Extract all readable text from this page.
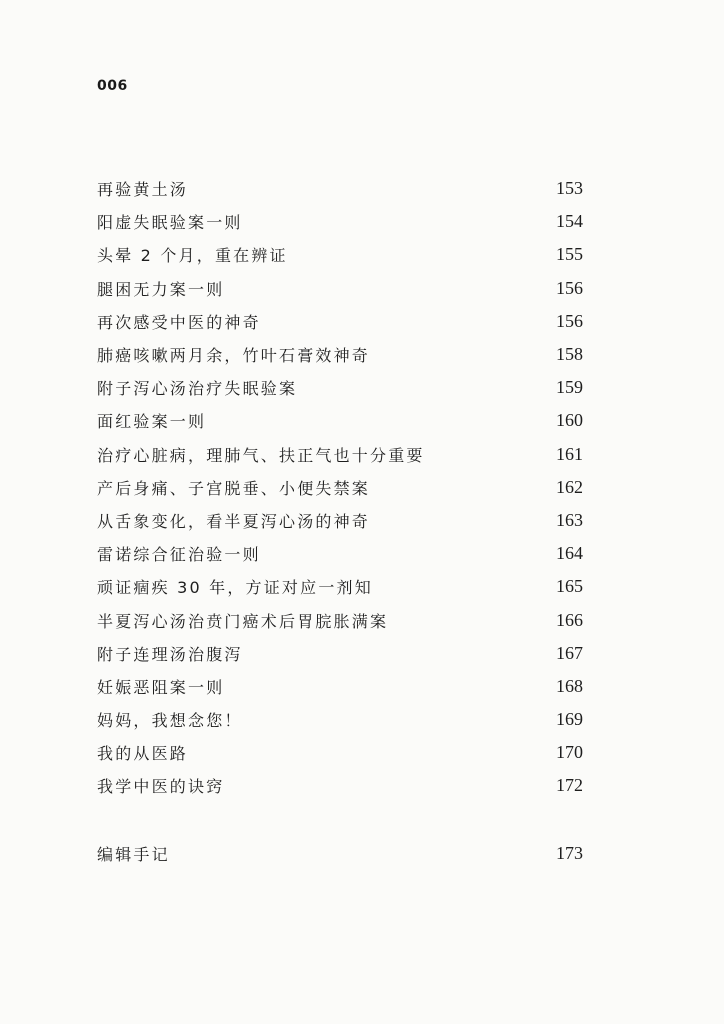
006
再验黄土汤	153
阳虚失眠验案一则	154
头晕 2 个月，重在辨证	155
腿困无力案一则	156
再次感受中医的神奇	156
肺癌咳嗽两月余，竹叶石膏效神奇	158
附子泻心汤治疗失眠验案	159
面红验案一则	160
治疗心脏病，理肺气、扶正气也十分重要	161
产后身痛、子宫脱垂、小便失禁案	162
从舌象变化，看半夏泻心汤的神奇	163
雷诺综合征治验一则	164
顽证痼疾 30 年，方证对应一剂知	165
半夏泻心汤治贲门癌术后胃脘胀满案	166
附子连理汤治腹泻	167
妊娠恶阻案一则	168
妈妈，我想念您！	169
我的从医路	170
我学中医的诀窍	172
编辑手记	173
